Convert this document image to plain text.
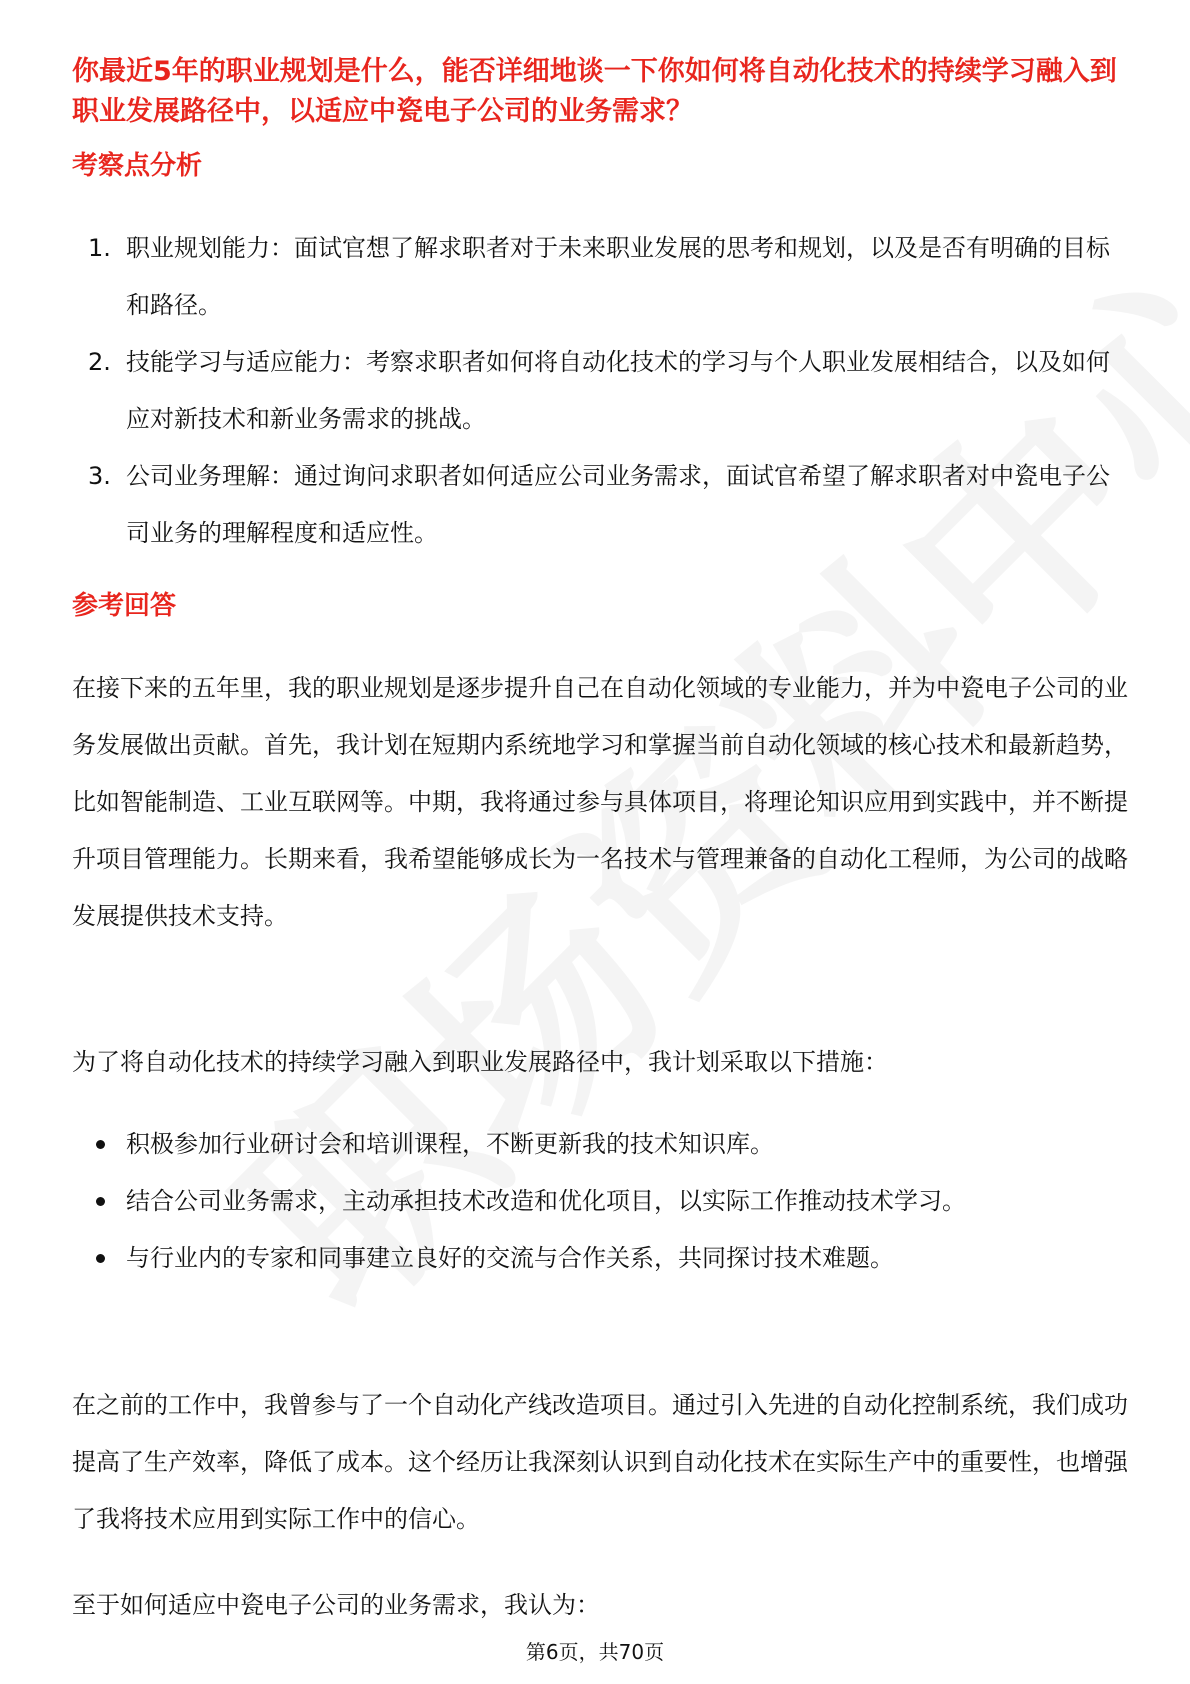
你最近5年的职业规划是什么，能否详细地谈一下你如何将自动化技术的持续学习融入到职业发展路径中，以适应中瓷电子公司的业务需求？
考察点分析
1. 职业规划能力：面试官想了解求职者对于未来职业发展的思考和规划，以及是否有明确的目标和路径。
2. 技能学习与适应能力：考察求职者如何将自动化技术的学习与个人职业发展相结合，以及如何应对新技术和新业务需求的挑战。
3. 公司业务理解：通过询问求职者如何适应公司业务需求，面试官希望了解求职者对中瓷电子公司业务的理解程度和适应性。
参考回答

在接下来的五年里，我的职业规划是逐步提升自己在自动化领域的专业能力，并为中瓷电子公司的业务发展做出贡献。首先，我计划在短期内系统地学习和掌握当前自动化领域的核心技术和最新趋势，比如智能制造、工业互联网等。中期，我将通过参与具体项目，将理论知识应用到实践中，并不断提升项目管理能力。长期来看，我希望能够成长为一名技术与管理兼备的自动化工程师，为公司的战略发展提供技术支持。

为了将自动化技术的持续学习融入到职业发展路径中，我计划采取以下措施：

积极参加行业研讨会和培训课程，不断更新我的技术知识库。
结合公司业务需求，主动承担技术改造和优化项目，以实际工作推动技术学习。
与行业内的专家和同事建立良好的交流与合作关系，共同探讨技术难题。

在之前的工作中，我曾参与了一个自动化产线改造项目。通过引入先进的自动化控制系统，我们成功提高了生产效率，降低了成本。这个经历让我深刻认识到自动化技术在实际生产中的重要性，也增强了我将技术应用到实际工作中的信心。

至于如何适应中瓷电子公司的业务需求，我认为：

第6页，共70页
